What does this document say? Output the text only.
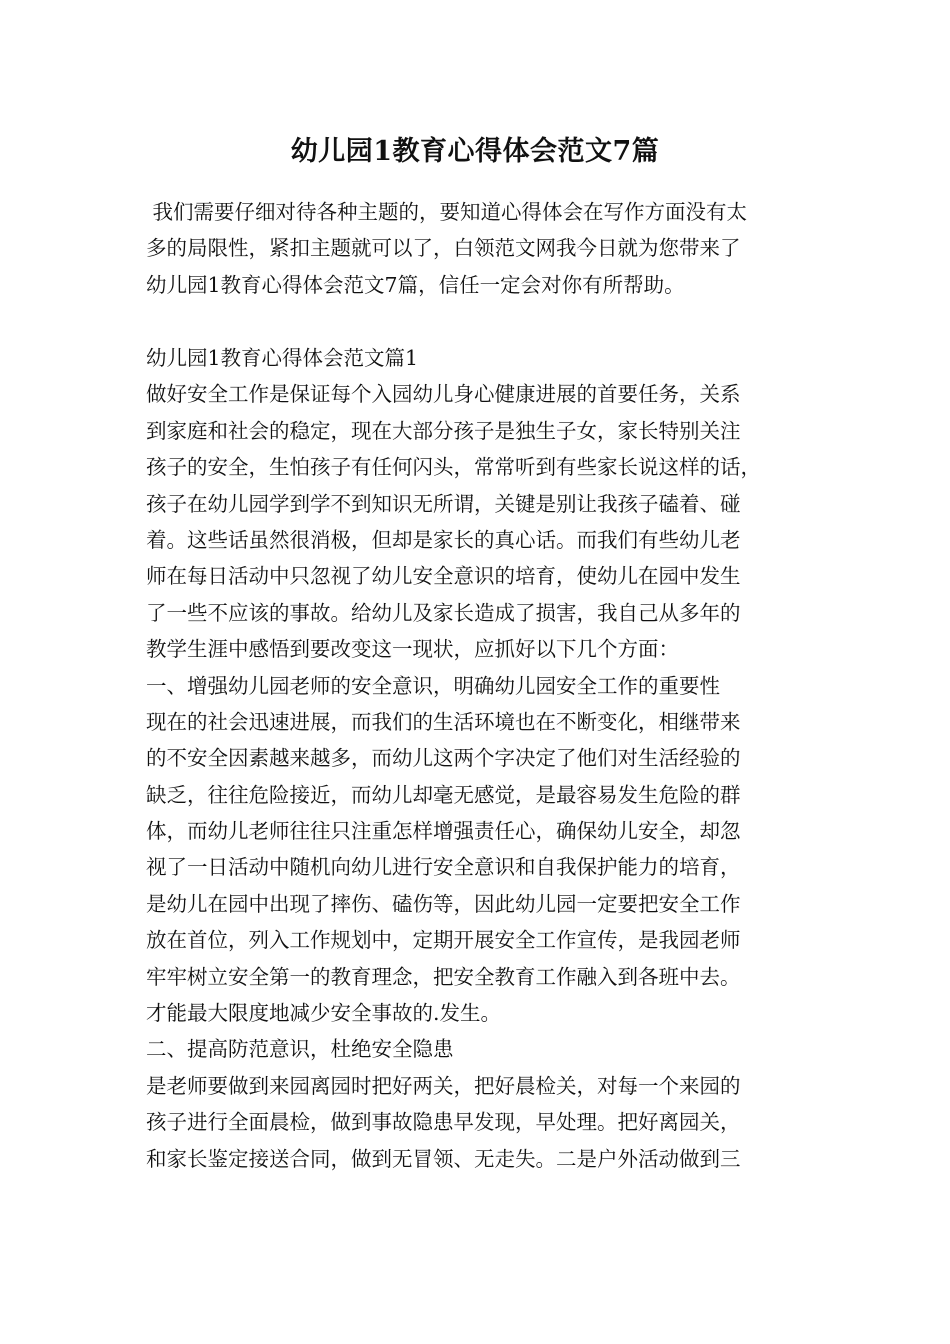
幼儿园1教育心得体会范文7篇
我们需要仔细对待各种主题的，要知道心得体会在写作方面没有太
多的局限性，紧扣主题就可以了，白领范文网我今日就为您带来了
幼儿园1教育心得体会范文7篇，信任一定会对你有所帮助。
幼儿园1教育心得体会范文篇1
做好安全工作是保证每个入园幼儿身心健康进展的首要任务，关系
到家庭和社会的稳定，现在大部分孩子是独生子女，家长特别关注
孩子的安全，生怕孩子有任何闪头，常常听到有些家长说这样的话，
孩子在幼儿园学到学不到知识无所谓，关键是别让我孩子磕着、碰
着。这些话虽然很消极，但却是家长的真心话。而我们有些幼儿老
师在每日活动中只忽视了幼儿安全意识的培育，使幼儿在园中发生
了一些不应该的事故。给幼儿及家长造成了损害，我自己从多年的
教学生涯中感悟到要改变这一现状，应抓好以下几个方面：
一、增强幼儿园老师的安全意识，明确幼儿园安全工作的重要性
现在的社会迅速进展，而我们的生活环境也在不断变化，相继带来
的不安全因素越来越多，而幼儿这两个字决定了他们对生活经验的
缺乏，往往危险接近，而幼儿却毫无感觉，是最容易发生危险的群
体，而幼儿老师往往只注重怎样增强责任心，确保幼儿安全，却忽
视了一日活动中随机向幼儿进行安全意识和自我保护能力的培育，
是幼儿在园中出现了摔伤、磕伤等，因此幼儿园一定要把安全工作
放在首位，列入工作规划中，定期开展安全工作宣传，是我园老师
牢牢树立安全第一的教育理念，把安全教育工作融入到各班中去。
才能最大限度地减少安全事故的.发生。
二、提高防范意识，杜绝安全隐患
是老师要做到来园离园时把好两关，把好晨检关，对每一个来园的
孩子进行全面晨检，做到事故隐患早发现，早处理。把好离园关，
和家长鉴定接送合同，做到无冒领、无走失。二是户外活动做到三
